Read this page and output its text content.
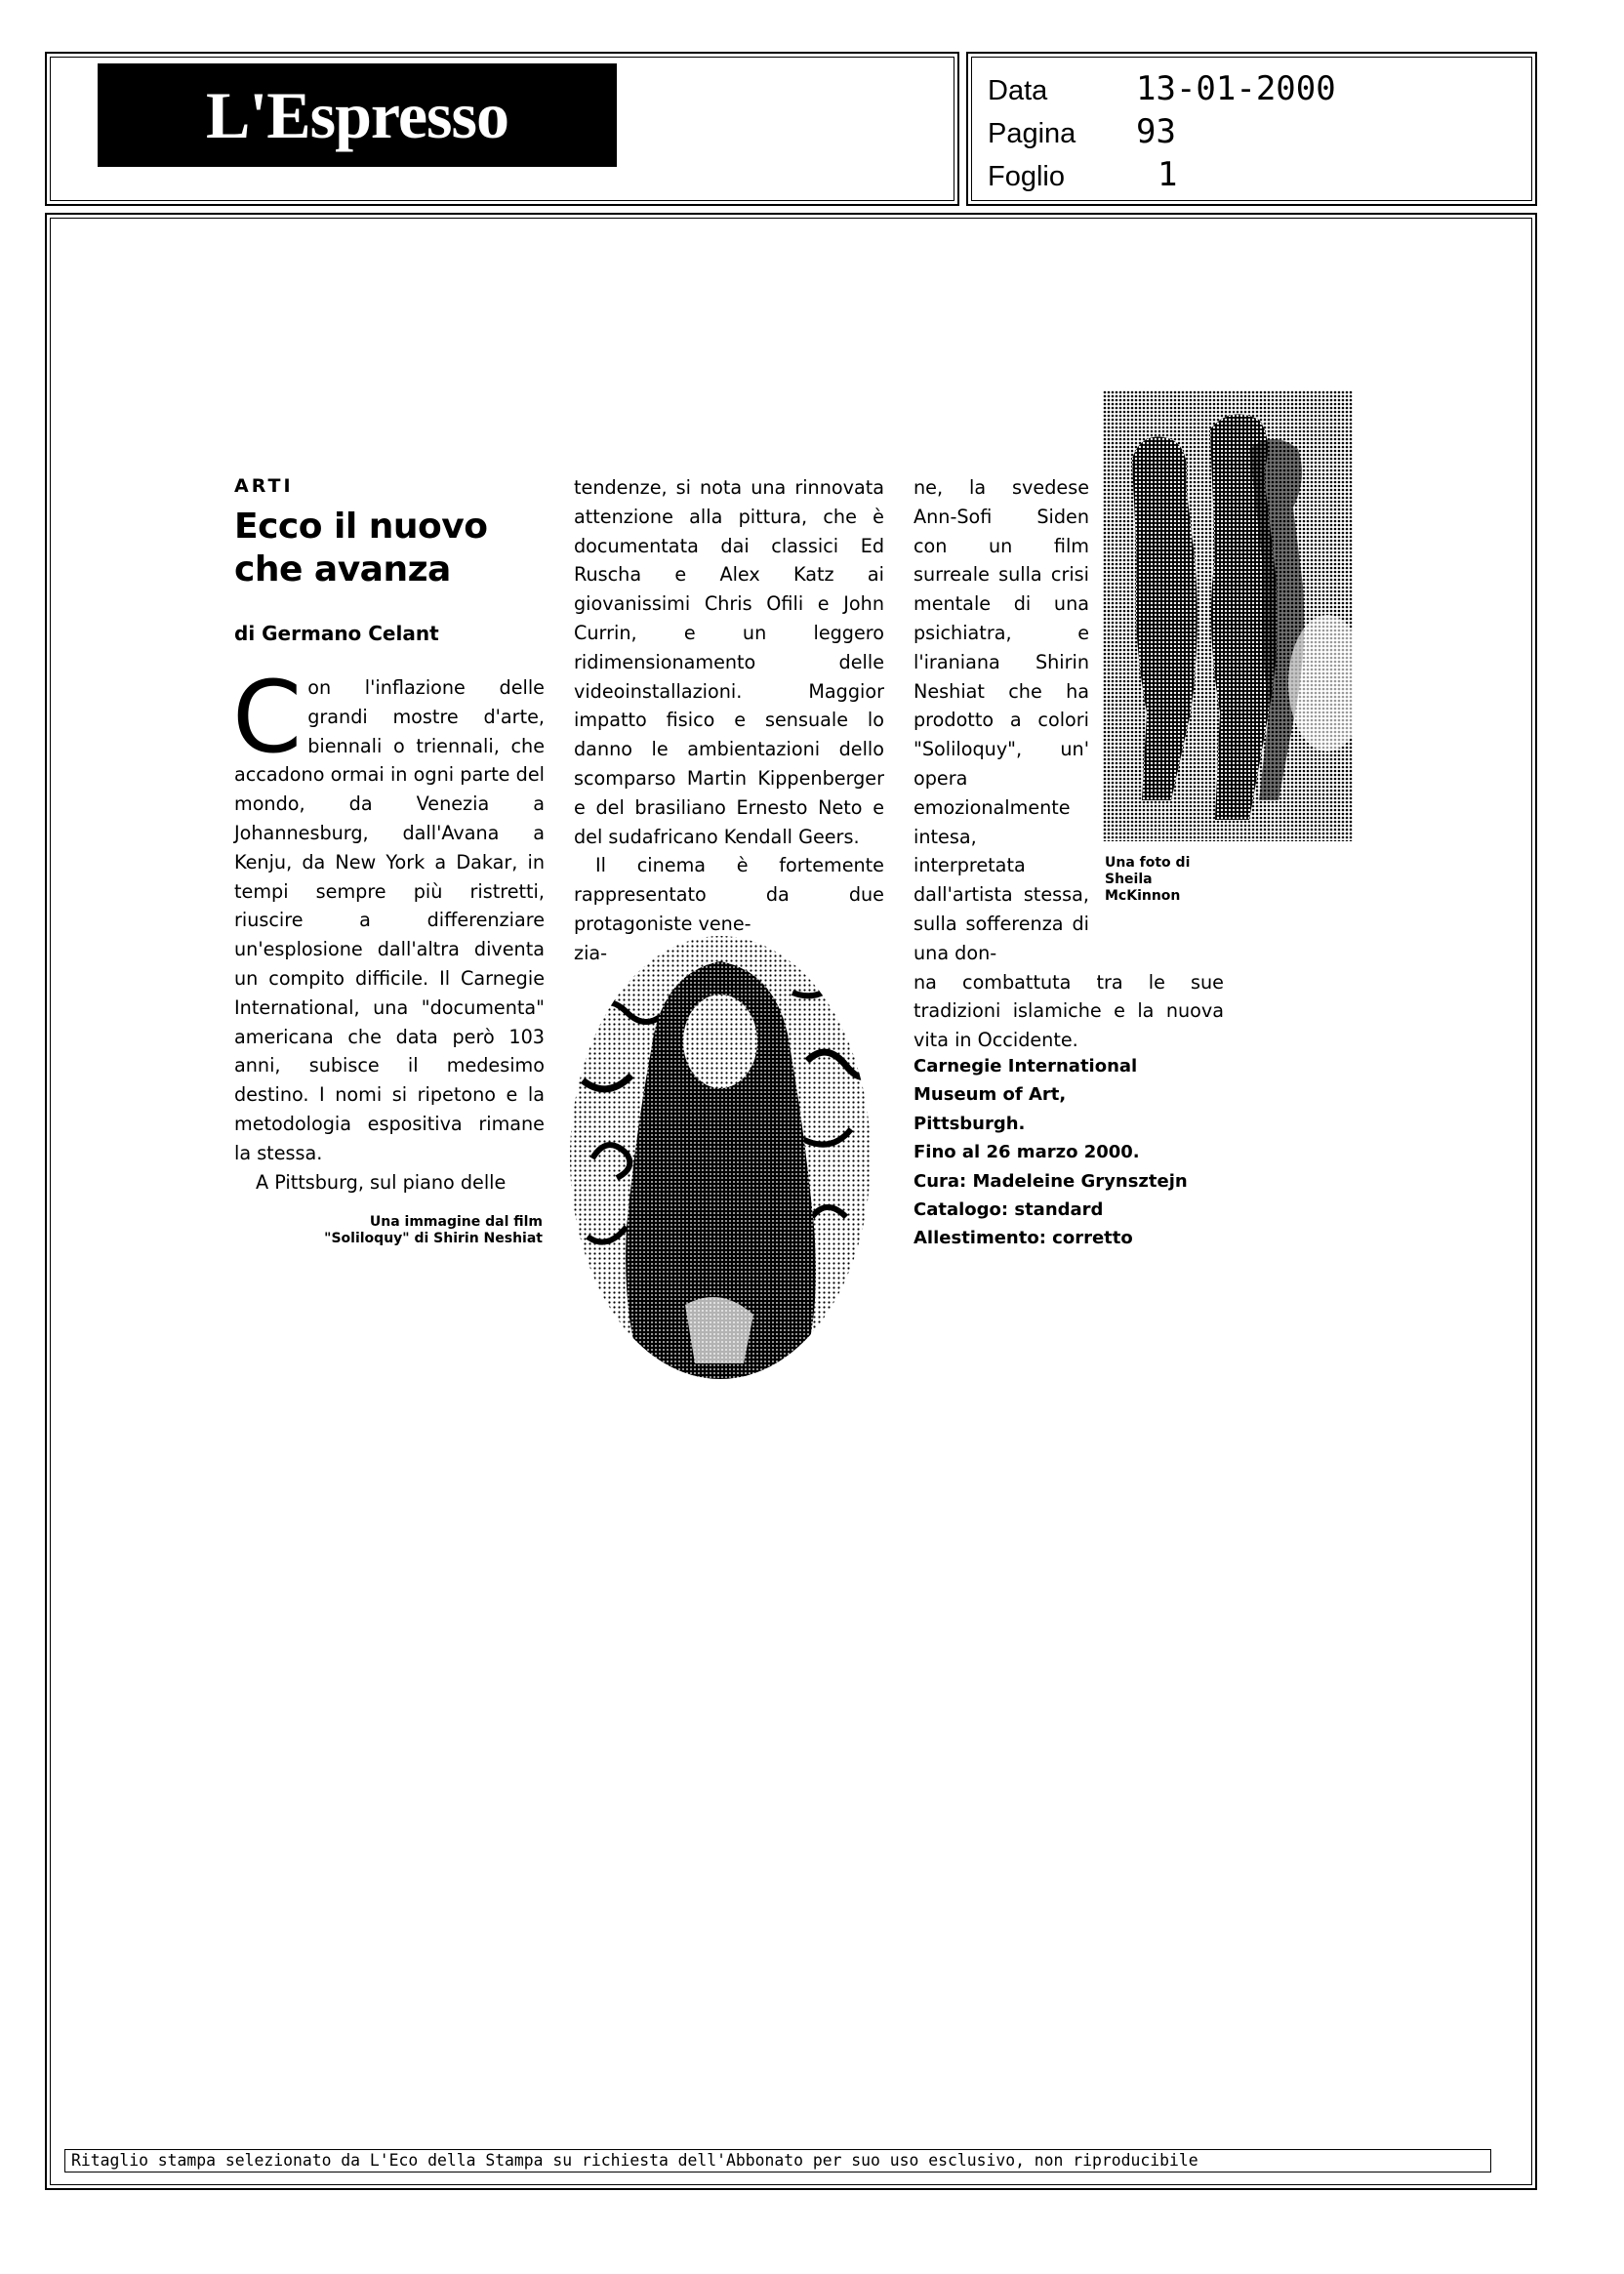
L'Espresso	Data	13-01-2000
Pagina	93
Foglio	1
ARTI
Ecco il nuovo che avanza
di Germano Celant

Con l'inflazione delle grandi mostre d'arte, biennali o triennali, che accadono ormai in ogni parte del mondo, da Venezia a Johannesburg, dall'Avana a Kenju, da New York a Dakar, in tempi sempre più ristretti, riuscire a differenziare un'esplosione dall'altra diventa un compito difficile. Il Carnegie International, una "documenta" americana che data però 103 anni, subisce il medesimo destino. I nomi si ripetono e la metodologia espositiva rimane la stessa.

A Pittsburg, sul piano delle

tendenze, si nota una rinnovata attenzione alla pittura, che è documentata dai classici Ed Ruscha e Alex Katz ai giovanissimi Chris Ofili e John Currin, e un leggero ridimensionamento delle videoinstallazioni. Maggior impatto fisico e sensuale lo danno le ambientazioni dello scomparso Martin Kippenberger e del brasiliano Ernesto Neto e del sudafricano Kendall Geers.

Il cinema è fortemente rappresentato da due protagoniste vene-

zia-

ne, la svedese Ann-Sofi Siden con un film surreale sulla crisi mentale di una psichiatra, e l'iraniana Shirin Neshiat che ha prodotto a colori "Soliloquy", un' opera emozionalmente intesa, interpretata dall'artista stessa, sulla sofferenza di una don-

na combattuta tra le sue tradizioni islamiche e la nuova vita in Occidente.

Carnegie International
Museum of Art,
Pittsburgh.
Fino al 26 marzo 2000.
Cura: Madeleine Grynsztejn
Catalogo: standard
Allestimento: corretto
Una immagine dal film "Soliloquy" di Shirin Neshiat
Una foto di Sheila McKinnon
Ritaglio stampa selezionato da L'Eco della Stampa su richiesta dell'Abbonato per suo uso esclusivo, non riproducibile
